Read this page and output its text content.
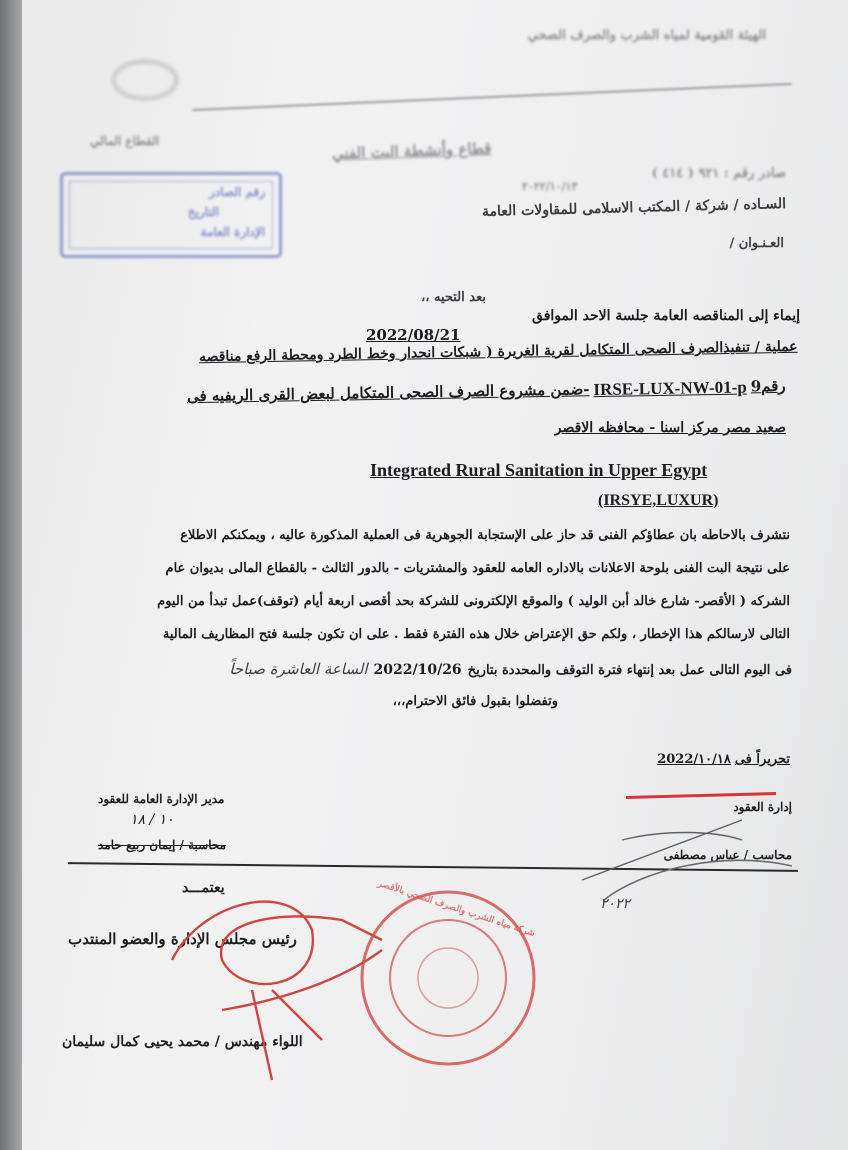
الهيئة القومية لمياه الشرب والصرف الصحي
القطاع المالي	قطاع وأنشطة البت الفني
صادر رقم : ٩٢١ ( ٤١٤ )
٢٠٢٢/١٠/١٣
رقم الصادر
التاريخ
الإدارة العامة
السـاده / شركة / المكتب الاسلامى للمقاولات العامة
العـنـوان /
بعد التحيه ،،
إيماء إلى المناقصه العامة جلسة الاحد الموافق
2022/08/21
عملية / تنفيذالصرف الصحى المتكامل لقرية الغريرة ( شبكات انحدار وخط الطرد ومحطة الرفع مناقصه
رقم9
IRSE-LUX-NW-01-p
-ضمن مشروع الصرف الصحى المتكامل لبعض القرى الريفيه فى
صعيد مصر مركز اسنا - محافظه الاقصر
Integrated Rural Sanitation in Upper Egypt
(IRSYE,LUXUR)
نتشرف بالاحاطه بان عطاؤكم الفنى قد حاز على الإستجابة الجوهرية فى العملية المذكورة عاليه ، ويمكنكم الاطلاع
على نتيجة البت الفنى بلوحة الاعلانات بالاداره العامه للعقود والمشتريات - بالدور الثالث - بالقطاع المالى بديوان عام
الشركه ( الأقصر- شارع خالد أبن الوليد ) والموقع الإلكترونى للشركة بحد أقصى اربعة أيام (توقف)عمل تبدأ من اليوم
التالى لارسالكم هذا الإخطار ، ولكم حق الإعتراض خلال هذه الفترة فقط . على ان تكون جلسة فتح المظاريف المالية
فى اليوم التالى عمل بعد إنتهاء فترة التوقف والمحددة بتاريخ
2022/10/26
الساعة العاشرة صباحاً
وتفضلوا بقبول فائق الاحترام،،،
تحريراً فى
2022/١٠/١٨
مدير الإدارة العامة للعقود
١٠ / ١٨
محاسبة / إيمان ربيع حامد
إدارة العقود
محاسب / عباس مصطفى
٢٠٢٢
يعتمـــد
رئيس مجلس الإدارة والعضو المنتدب
اللواء مهندس / محمد يحيى كمال سليمان
شركة مياه الشرب والصرف الصحي بالأقصر
